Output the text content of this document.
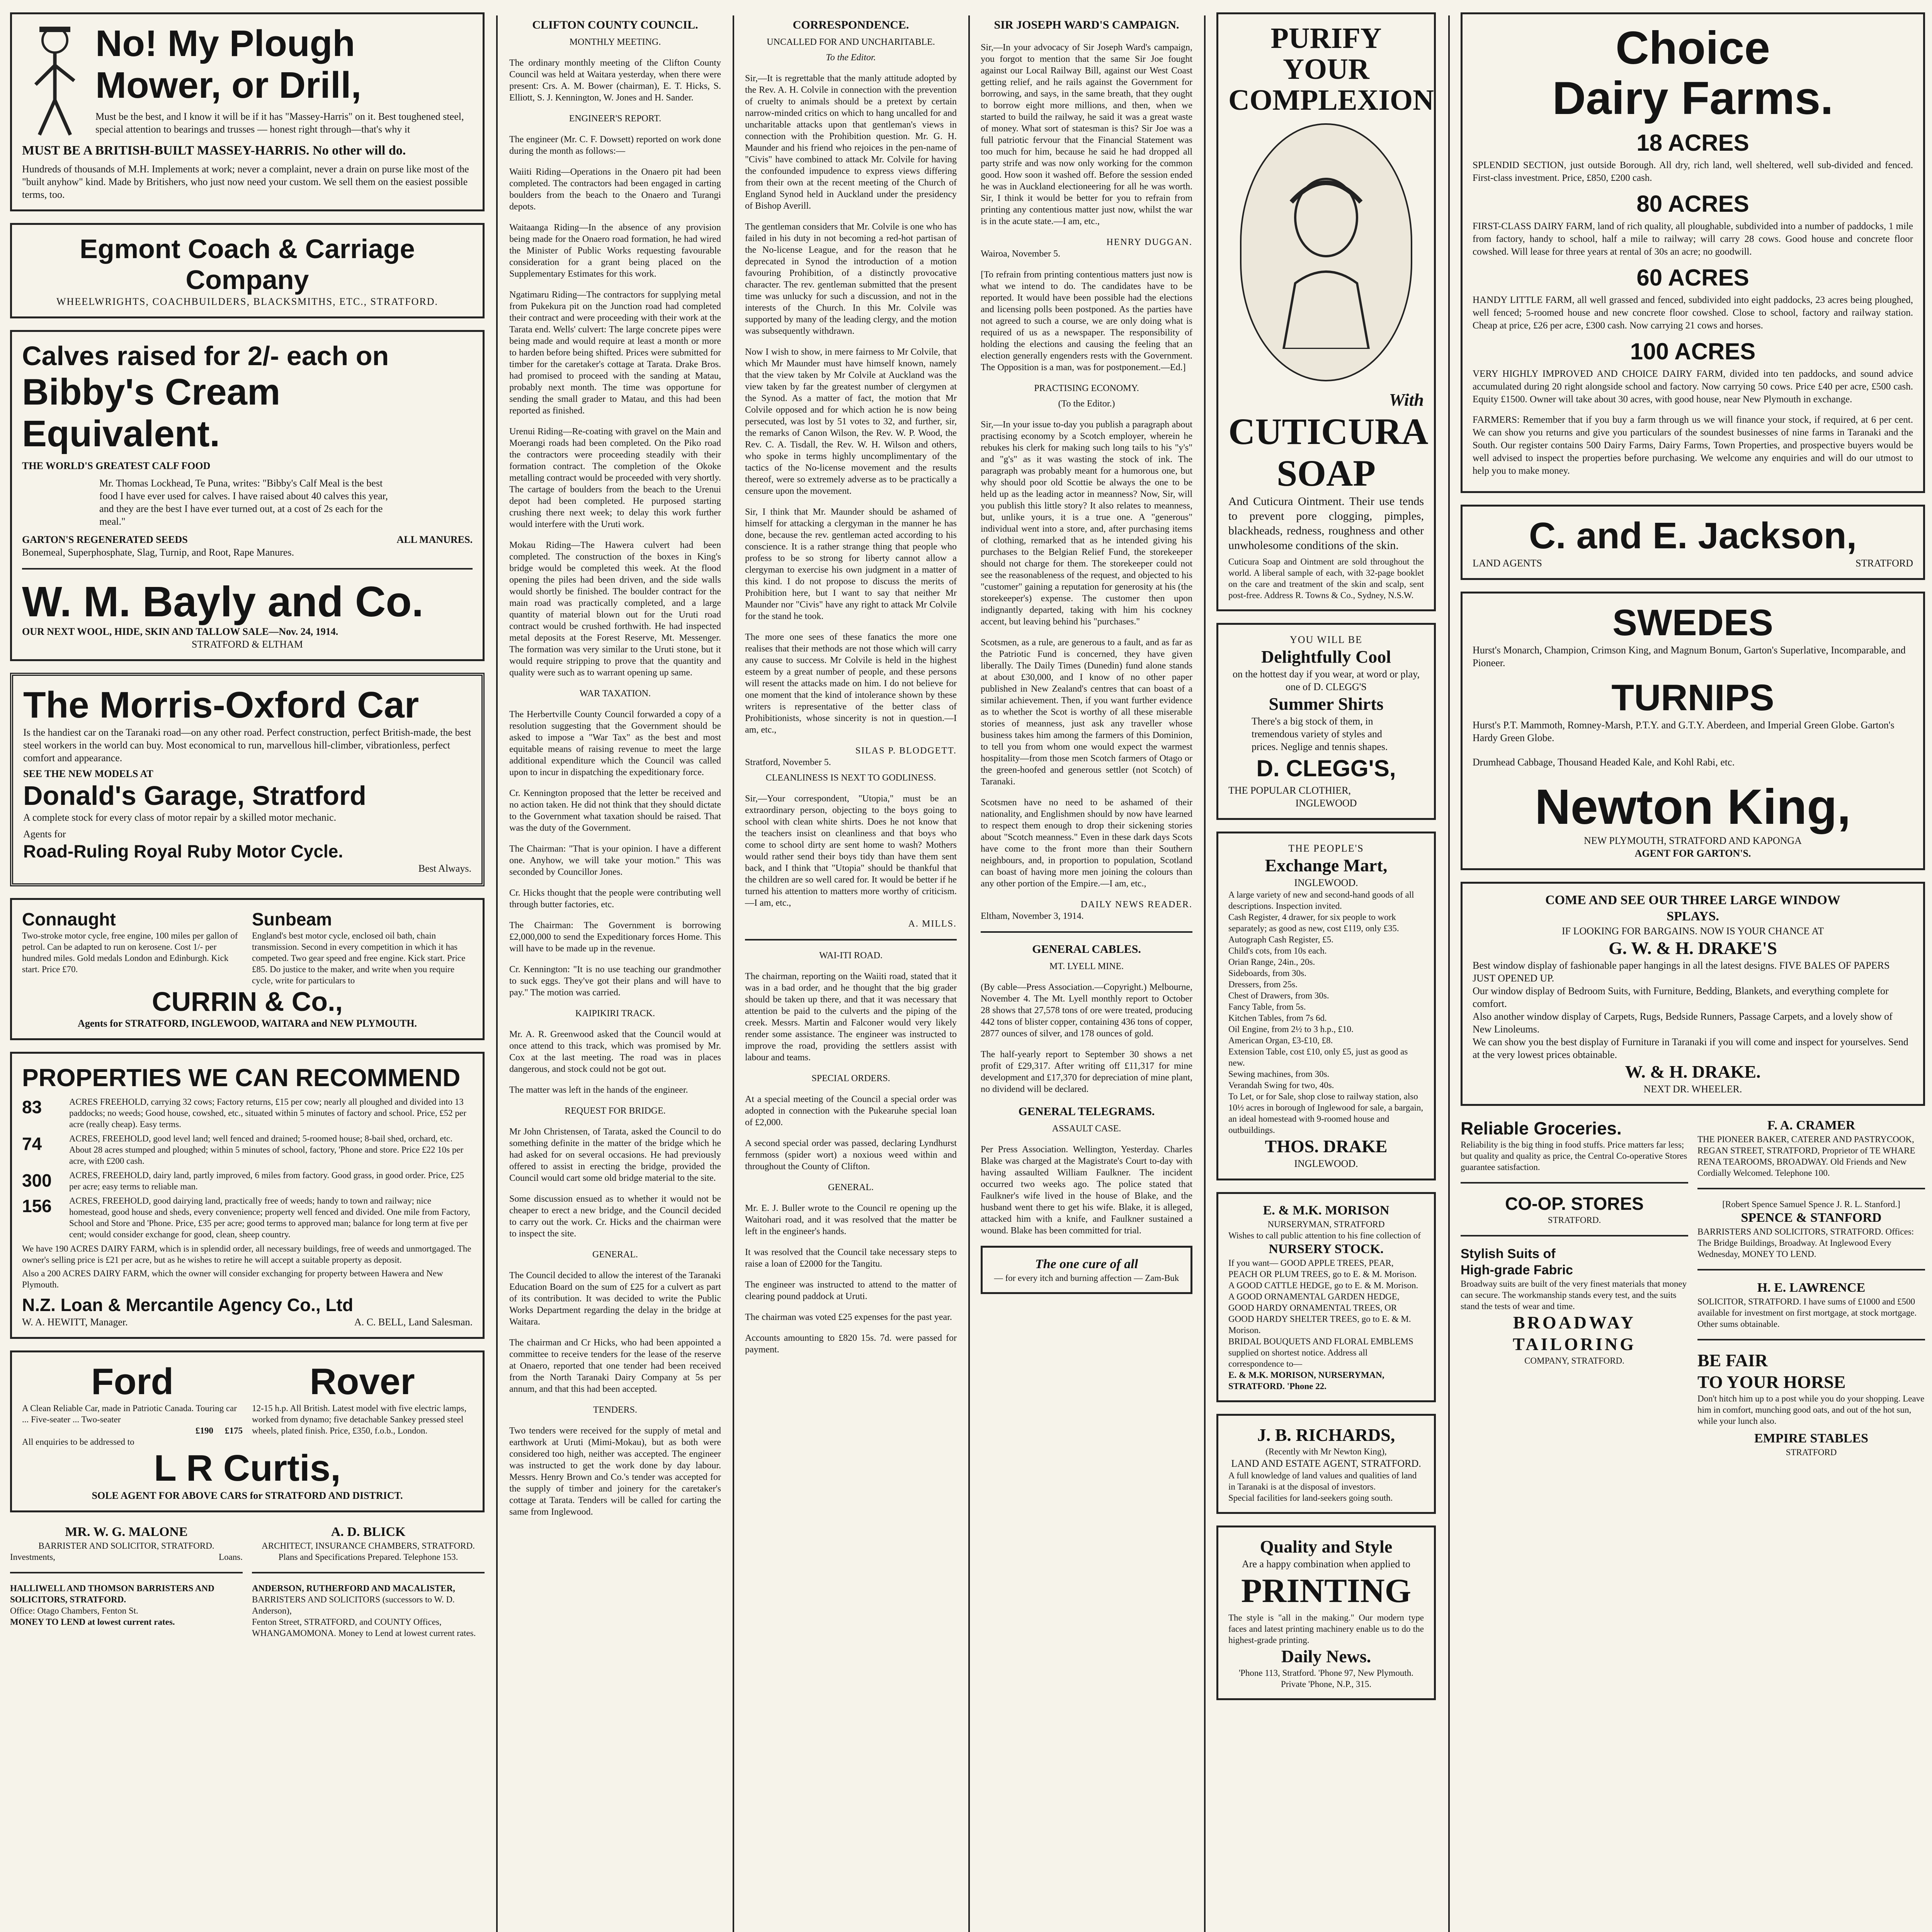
No! My Plough Mower, or Drill,
Must be the best, and I know it will be if it has "Massey-Harris" on it. Best toughened steel, special attention to bearings and trusses — honest right through—that's why it
MUST BE A BRITISH-BUILT MASSEY-HARRIS. No other will do.
Hundreds of thousands of M.H. Implements at work; never a complaint, never a drain on purse like most of the "built anyhow" kind. Made by Britishers, who just now need your custom. We sell them on the easiest possible terms, too.
Egmont Coach & Carriage Company
WHEELWRIGHTS, COACHBUILDERS, BLACKSMITHS, ETC., STRATFORD.
Calves raised for 2/- each on
Bibby's Cream Equivalent.
THE WORLD'S GREATEST CALF FOOD
Mr. Thomas Lockhead, Te Puna, writes: "Bibby's Calf Meal is the best food I have ever used for calves. I have raised about 40 calves this year, and they are the best I have ever turned out, at a cost of 2s each for the meal."
GARTON'S REGENERATED SEEDS	ALL MANURES.
Bonemeal, Superphosphate, Slag, Turnip, and Root, Rape Manures.
W. M. Bayly and Co.
OUR NEXT WOOL, HIDE, SKIN AND TALLOW SALE—Nov. 24, 1914.
STRATFORD & ELTHAM
The Morris-Oxford Car
Is the handiest car on the Taranaki road—on any other road. Perfect construction, perfect British-made, the best steel workers in the world can buy. Most economical to run, marvellous hill-climber, vibrationless, perfect comfort and appearance.
SEE THE NEW MODELS AT
Donald's Garage, Stratford
A complete stock for every class of motor repair by a skilled motor mechanic.
Agents for
Road-Ruling Royal Ruby Motor Cycle.
Best Always.
Connaught
Two-stroke motor cycle, free engine, 100 miles per gallon of petrol. Can be adapted to run on kerosene. Cost 1/- per hundred miles. Gold medals London and Edinburgh. Kick start. Price £70.
Sunbeam
England's best motor cycle, enclosed oil bath, chain transmission. Second in every competition in which it has competed. Two gear speed and free engine. Kick start. Price £85. Do justice to the maker, and write when you require cycle, write for particulars to
CURRIN & Co.,
Agents for STRATFORD, INGLEWOOD, WAITARA and NEW PLYMOUTH.
PROPERTIES WE CAN RECOMMEND
83	ACRES FREEHOLD, carrying 32 cows; Factory returns, £15 per cow; nearly all ploughed and divided into 13 paddocks; no weeds; Good house, cowshed, etc., situated within 5 minutes of factory and school. Price, £52 per acre (really cheap). Easy terms.
74	ACRES, FREEHOLD, good level land; well fenced and drained; 5-roomed house; 8-bail shed, orchard, etc. About 28 acres stumped and ploughed; within 5 minutes of school, factory, 'Phone and store. Price £22 10s per acre, with £200 cash.
300	ACRES, FREEHOLD, dairy land, partly improved, 6 miles from factory. Good grass, in good order. Price, £25 per acre; easy terms to reliable man.
156	ACRES, FREEHOLD, good dairying land, practically free of weeds; handy to town and railway; nice homestead, good house and sheds, every convenience; property well fenced and divided. One mile from Factory, School and Store and 'Phone. Price, £35 per acre; good terms to approved man; balance for long term at five per cent; would consider exchange for good, clean, sheep country.
We have 190 ACRES DAIRY FARM, which is in splendid order, all necessary buildings, free of weeds and unmortgaged. The owner's selling price is £21 per acre, but as he wishes to retire he will accept a suitable property as deposit.
Also a 200 ACRES DAIRY FARM, which the owner will consider exchanging for property between Hawera and New Plymouth.
N.Z. Loan & Mercantile Agency Co., Ltd
W. A. HEWITT, Manager.	A. C. BELL, Land Salesman.
Ford
A Clean Reliable Car, made in Patriotic Canada. Touring car ... Five-seater ... Two-seater
£190 £175
All enquiries to be addressed to
Rover
12-15 h.p. All British. Latest model with five electric lamps, worked from dynamo; five detachable Sankey pressed steel wheels, plated finish. Price, £350, f.o.b., London.
L R Curtis,
SOLE AGENT FOR ABOVE CARS for STRATFORD AND DISTRICT.
MR. W. G. MALONE
BARRISTER AND SOLICITOR, STRATFORD.
Investments,	Loans.
HALLIWELL AND THOMSON BARRISTERS AND SOLICITORS, STRATFORD.
Office: Otago Chambers, Fenton St.
MONEY TO LEND at lowest current rates.
A. D. BLICK
ARCHITECT, INSURANCE CHAMBERS, STRATFORD.
Plans and Specifications Prepared. Telephone 153.
ANDERSON, RUTHERFORD AND MACALISTER,
BARRISTERS AND SOLICITORS (successors to W. D. Anderson),
Fenton Street, STRATFORD, and COUNTY Offices, WHANGAMOMONA. Money to Lend at lowest current rates.
CLIFTON COUNTY COUNCIL.
MONTHLY MEETING.

The ordinary monthly meeting of the Clifton County Council was held at Waitara yesterday, when there were present: Crs. A. M. Bower (chairman), E. T. Hicks, S. Elliott, S. J. Kennington, W. Jones and H. Sander.

ENGINEER'S REPORT.

The engineer (Mr. C. F. Dowsett) reported on work done during the month as follows:—

Waiiti Riding—Operations in the Onaero pit had been completed. The contractors had been engaged in carting boulders from the beach to the Onaero and Turangi depots.

Waitaanga Riding—In the absence of any provision being made for the Onaero road formation, he had wired the Minister of Public Works requesting favourable consideration for a grant being placed on the Supplementary Estimates for this work.

Ngatimaru Riding—The contractors for supplying metal from Pukekura pit on the Junction road had completed their contract and were proceeding with their work at the Tarata end. Wells' culvert: The large concrete pipes were being made and would require at least a month or more to harden before being shifted. Prices were submitted for timber for the caretaker's cottage at Tarata. Drake Bros. had promised to proceed with the sanding at Matau, probably next month. The time was opportune for sending the small grader to Matau, and this had been reported as finished.

Urenui Riding—Re-coating with gravel on the Main and Moerangi roads had been completed. On the Piko road the contractors were proceeding steadily with their formation contract. The completion of the Okoke metalling contract would be proceeded with very shortly. The cartage of boulders from the beach to the Urenui depot had been completed. He purposed starting crushing there next week; to delay this work further would interfere with the Uruti work.

Mokau Riding—The Hawera culvert had been completed. The construction of the boxes in King's bridge would be completed this week. At the flood opening the piles had been driven, and the side walls would shortly be finished. The boulder contract for the main road was practically completed, and a large quantity of material blown out for the Uruti road contract would be crushed forthwith. He had inspected metal deposits at the Forest Reserve, Mt. Messenger. The formation was very similar to the Uruti stone, but it would require stripping to prove that the quantity and quality were such as to warrant opening up same.

WAR TAXATION.

The Herbertville County Council forwarded a copy of a resolution suggesting that the Government should be asked to impose a "War Tax" as the best and most equitable means of raising revenue to meet the large additional expenditure which the Council was called upon to incur in dispatching the expeditionary force.

Cr. Kennington proposed that the letter be received and no action taken. He did not think that they should dictate to the Government what taxation should be raised. That was the duty of the Government.

The Chairman: "That is your opinion. I have a different one. Anyhow, we will take your motion." This was seconded by Councillor Jones.

Cr. Hicks thought that the people were contributing well through butter factories, etc.

The Chairman: The Government is borrowing £2,000,000 to send the Expeditionary forces Home. This will have to be made up in the revenue.

Cr. Kennington: "It is no use teaching our grandmother to suck eggs. They've got their plans and will have to pay." The motion was carried.

KAIPIKIRI TRACK.

Mr. A. R. Greenwood asked that the Council would at once attend to this track, which was promised by Mr. Cox at the last meeting. The road was in places dangerous, and stock could not be got out.

The matter was left in the hands of the engineer.

REQUEST FOR BRIDGE.

Mr John Christensen, of Tarata, asked the Council to do something definite in the matter of the bridge which he had asked for on several occasions. He had previously offered to assist in erecting the bridge, provided the Council would cart some old bridge material to the site.

Some discussion ensued as to whether it would not be cheaper to erect a new bridge, and the Council decided to carry out the work. Cr. Hicks and the chairman were to inspect the site.

GENERAL.

The Council decided to allow the interest of the Taranaki Education Board on the sum of £25 for a culvert as part of its contribution. It was decided to write the Public Works Department regarding the delay in the bridge at Waitara.

The chairman and Cr Hicks, who had been appointed a committee to receive tenders for the lease of the reserve at Onaero, reported that one tender had been received from the North Taranaki Dairy Company at 5s per annum, and that this had been accepted.

TENDERS.

Two tenders were received for the supply of metal and earthwork at Uruti (Mimi-Mokau), but as both were considered too high, neither was accepted. The engineer was instructed to get the work done by day labour. Messrs. Henry Brown and Co.'s tender was accepted for the supply of timber and joinery for the caretaker's cottage at Tarata. Tenders will be called for carting the same from Inglewood.

CORRESPONDENCE.
UNCALLED FOR AND UNCHARITABLE.
To the Editor.

Sir,—It is regrettable that the manly attitude adopted by the Rev. A. H. Colvile in connection with the prevention of cruelty to animals should be a pretext by certain narrow-minded critics on which to hang uncalled for and uncharitable attacks upon that gentleman's views in connection with the Prohibition question. Mr. G. H. Maunder and his friend who rejoices in the pen-name of "Civis" have combined to attack Mr. Colvile for having the confounded impudence to express views differing from their own at the recent meeting of the Church of England Synod held in Auckland under the presidency of Bishop Averill.

The gentleman considers that Mr. Colvile is one who has failed in his duty in not becoming a red-hot partisan of the No-license League, and for the reason that he deprecated in Synod the introduction of a motion favouring Prohibition, of a distinctly provocative character. The rev. gentleman submitted that the present time was unlucky for such a discussion, and not in the interests of the Church. In this Mr. Colvile was supported by many of the leading clergy, and the motion was subsequently withdrawn.

Now I wish to show, in mere fairness to Mr Colvile, that which Mr Maunder must have himself known, namely that the view taken by Mr Colvile at Auckland was the view taken by far the greatest number of clergymen at the Synod. As a matter of fact, the motion that Mr Colvile opposed and for which action he is now being persecuted, was lost by 51 votes to 32, and further, sir, the remarks of Canon Wilson, the Rev. W. P. Wood, the Rev. C. A. Tisdall, the Rev. W. H. Wilson and others, who spoke in terms highly uncomplimentary of the tactics of the No-license movement and the results thereof, were so extremely adverse as to be practically a censure upon the movement.

Sir, I think that Mr. Maunder should be ashamed of himself for attacking a clergyman in the manner he has done, because the rev. gentleman acted according to his conscience. It is a rather strange thing that people who profess to be so strong for liberty cannot allow a clergyman to exercise his own judgment in a matter of this kind. I do not propose to discuss the merits of Prohibition here, but I want to say that neither Mr Maunder nor "Civis" have any right to attack Mr Colvile for the stand he took.

The more one sees of these fanatics the more one realises that their methods are not those which will carry any cause to success. Mr Colvile is held in the highest esteem by a great number of people, and these persons will resent the attacks made on him. I do not believe for one moment that the kind of intolerance shown by these writers is representative of the better class of Prohibitionists, whose sincerity is not in question.—I am, etc.,

SILAS P. BLODGETT.
Stratford, November 5.
CLEANLINESS IS NEXT TO GODLINESS.

Sir,—Your correspondent, "Utopia," must be an extraordinary person, objecting to the boys going to school with clean white shirts. Does he not know that the teachers insist on cleanliness and that boys who come to school dirty are sent home to wash? Mothers would rather send their boys tidy than have them sent back, and I think that "Utopia" should be thankful that the children are so well cared for. It would be better if he turned his attention to matters more worthy of criticism.—I am, etc.,

A. MILLS.
WAI-ITI ROAD.

The chairman, reporting on the Waiiti road, stated that it was in a bad order, and he thought that the big grader should be taken up there, and that it was necessary that attention be paid to the culverts and the piping of the creek. Messrs. Martin and Falconer would very likely render some assistance. The engineer was instructed to improve the road, providing the settlers assist with labour and teams.

SPECIAL ORDERS.

At a special meeting of the Council a special order was adopted in connection with the Pukearuhe special loan of £2,000.

A second special order was passed, declaring Lyndhurst fernmoss (spider wort) a noxious weed within and throughout the County of Clifton.

GENERAL.

Mr. E. J. Buller wrote to the Council re opening up the Waitohari road, and it was resolved that the matter be left in the engineer's hands.

It was resolved that the Council take necessary steps to raise a loan of £2000 for the Tangitu.

The engineer was instructed to attend to the matter of clearing pound paddock at Uruti.

The chairman was voted £25 expenses for the past year.

Accounts amounting to £820 15s. 7d. were passed for payment.

SIR JOSEPH WARD'S CAMPAIGN.

Sir,—In your advocacy of Sir Joseph Ward's campaign, you forgot to mention that the same Sir Joe fought against our Local Railway Bill, against our West Coast getting relief, and he rails against the Government for borrowing, and says, in the same breath, that they ought to borrow eight more millions, and then, when we started to build the railway, he said it was a great waste of money. What sort of statesman is this? Sir Joe was a full patriotic fervour that the Financial Statement was too much for him, because he said he had dropped all party strife and was now only working for the common good. How soon it washed off. Before the session ended he was in Auckland electioneering for all he was worth. Sir, I think it would be better for you to refrain from printing any contentious matter just now, whilst the war is in the acute state.—I am, etc.,

HENRY DUGGAN.
Wairoa, November 5.

[To refrain from printing contentious matters just now is what we intend to do. The candidates have to be reported. It would have been possible had the elections and licensing polls been postponed. As the parties have not agreed to such a course, we are only doing what is required of us as a newspaper. The responsibility of holding the elections and causing the feeling that an election generally engenders rests with the Government. The Opposition is a man, was for postponement.—Ed.]

PRACTISING ECONOMY.
(To the Editor.)

Sir,—In your issue to-day you publish a paragraph about practising economy by a Scotch employer, wherein he rebukes his clerk for making such long tails to his "y's" and "g's" as it was wasting the stock of ink. The paragraph was probably meant for a humorous one, but why should poor old Scottie be always the one to be held up as the leading actor in meanness? Now, Sir, will you publish this little story? It also relates to meanness, but, unlike yours, it is a true one. A "generous" individual went into a store, and, after purchasing items of clothing, remarked that as he intended giving his purchases to the Belgian Relief Fund, the storekeeper should not charge for them. The storekeeper could not see the reasonableness of the request, and objected to his "customer" gaining a reputation for generosity at his (the storekeeper's) expense. The customer then upon indignantly departed, taking with him his cockney accent, but leaving behind his "purchases."

Scotsmen, as a rule, are generous to a fault, and as far as the Patriotic Fund is concerned, they have given liberally. The Daily Times (Dunedin) fund alone stands at about £30,000, and I know of no other paper published in New Zealand's centres that can boast of a similar achievement. Then, if you want further evidence as to whether the Scot is worthy of all these miserable stories of meanness, just ask any traveller whose business takes him among the farmers of this Dominion, to tell you from whom one would expect the warmest hospitality—from those men Scotch farmers of Otago or the green-hoofed and generous settler (not Scotch) of Taranaki.

Scotsmen have no need to be ashamed of their nationality, and Englishmen should by now have learned to respect them enough to drop their sickening stories about "Scotch meanness." Even in these dark days Scots have come to the front more than their Southern neighbours, and, in proportion to population, Scotland can boast of having more men joining the colours than any other portion of the Empire.—I am, etc.,

DAILY NEWS READER.
Eltham, November 3, 1914.
GENERAL CABLES.
MT. LYELL MINE.

(By cable—Press Association.—Copyright.) Melbourne, November 4. The Mt. Lyell monthly report to October 28 shows that 27,578 tons of ore were treated, producing 442 tons of blister copper, containing 436 tons of copper, 2877 ounces of silver, and 178 ounces of gold.

The half-yearly report to September 30 shows a net profit of £29,317. After writing off £11,317 for mine development and £17,370 for depreciation of mine plant, no dividend will be declared.

GENERAL TELEGRAMS.
ASSAULT CASE.

Per Press Association. Wellington, Yesterday. Charles Blake was charged at the Magistrate's Court to-day with having assaulted William Faulkner. The incident occurred two weeks ago. The police stated that Faulkner's wife lived in the house of Blake, and the husband went there to get his wife. Blake, it is alleged, attacked him with a knife, and Faulkner sustained a wound. Blake has been committed for trial.

The one cure of all
— for every itch and burning affection — Zam-Buk
PURIFY YOUR
COMPLEXION
With
CUTICURA
SOAP
And Cuticura Ointment. Their use tends to prevent pore clogging, pimples, blackheads, redness, roughness and other unwholesome conditions of the skin.
Cuticura Soap and Ointment are sold throughout the world. A liberal sample of each, with 32-page booklet on the care and treatment of the skin and scalp, sent post-free. Address R. Towns & Co., Sydney, N.S.W.
YOU WILL BE
Delightfully Cool
on the hottest day if you wear, at word or play, one of D. CLEGG'S
Summer Shirts
There's a big stock of them, in tremendous variety of styles and prices. Neglige and tennis shapes.
D. CLEGG'S,
THE POPULAR CLOTHIER,
INGLEWOOD
THE PEOPLE'S
Exchange Mart,
INGLEWOOD.
A large variety of new and second-hand goods of all descriptions. Inspection invited.
Cash Register, 4 drawer, for six people to work separately; as good as new, cost £119, only £35.
Autograph Cash Register, £5.
Child's cots, from 10s each.
Orian Range, 24in., 20s.
Sideboards, from 30s.
Dressers, from 25s.
Chest of Drawers, from 30s.
Fancy Table, from 5s.
Kitchen Tables, from 7s 6d.
Oil Engine, from 2½ to 3 h.p., £10.
American Organ, £3-£10, £8.
Extension Table, cost £10, only £5, just as good as new.
Sewing machines, from 30s.
Verandah Swing for two, 40s.
To Let, or for Sale, shop close to railway station, also 10½ acres in borough of Inglewood for sale, a bargain, an ideal homestead with 9-roomed house and outbuildings.
THOS. DRAKE
INGLEWOOD.
E. & M.K. MORISON
NURSERYMAN, STRATFORD
Wishes to call public attention to his fine collection of
NURSERY STOCK.
If you want— GOOD APPLE TREES, PEAR, PEACH OR PLUM TREES, go to E. & M. Morison. A GOOD CATTLE HEDGE, go to E. & M. Morison. A GOOD ORNAMENTAL GARDEN HEDGE, GOOD HARDY ORNAMENTAL TREES, OR GOOD HARDY SHELTER TREES, go to E. & M. Morison.
BRIDAL BOUQUETS AND FLORAL EMBLEMS supplied on shortest notice. Address all correspondence to—
E. & M.K. MORISON, NURSERYMAN, STRATFORD. 'Phone 22.
J. B. RICHARDS,
(Recently with Mr Newton King),
LAND AND ESTATE AGENT, STRATFORD.
A full knowledge of land values and qualities of land in Taranaki is at the disposal of investors.
Special facilities for land-seekers going south.
Quality and Style
Are a happy combination when applied to
PRINTING
The style is "all in the making." Our modern type faces and latest printing machinery enable us to do the highest-grade printing.
Daily News.
'Phone 113, Stratford. 'Phone 97, New Plymouth. Private 'Phone, N.P., 315.
Choice
Dairy Farms.
18 ACRES
SPLENDID SECTION, just outside Borough. All dry, rich land, well sheltered, well sub-divided and fenced. First-class investment. Price, £850, £200 cash.
80 ACRES
FIRST-CLASS DAIRY FARM, land of rich quality, all ploughable, subdivided into a number of paddocks, 1 mile from factory, handy to school, half a mile to railway; will carry 28 cows. Good house and concrete floor cowshed. Will lease for three years at rental of 30s an acre; no goodwill.
60 ACRES
HANDY LITTLE FARM, all well grassed and fenced, subdivided into eight paddocks, 23 acres being ploughed, well fenced; 5-roomed house and new concrete floor cowshed. Close to school, factory and railway station. Cheap at price, £26 per acre, £300 cash. Now carrying 21 cows and horses.
100 ACRES
VERY HIGHLY IMPROVED AND CHOICE DAIRY FARM, divided into ten paddocks, and sound advice accumulated during 20 right alongside school and factory. Now carrying 50 cows. Price £40 per acre, £500 cash. Equity £1500. Owner will take about 30 acres, with good house, near New Plymouth in exchange.
FARMERS: Remember that if you buy a farm through us we will finance your stock, if required, at 6 per cent. We can show you returns and give you particulars of the soundest businesses of nine farms in Taranaki and the South. Our register contains 500 Dairy Farms, Dairy Farms, Town Properties, and prospective buyers would be well advised to inspect the properties before purchasing. We welcome any enquiries and will do our utmost to help you to make money.
C. and E. Jackson,
LAND AGENTS	STRATFORD
SWEDES
Hurst's Monarch, Champion, Crimson King, and Magnum Bonum, Garton's Superlative, Incomparable, and Pioneer.
TURNIPS
Hurst's P.T. Mammoth, Romney-Marsh, P.T.Y. and G.T.Y. Aberdeen, and Imperial Green Globe. Garton's Hardy Green Globe.
Drumhead Cabbage, Thousand Headed Kale, and Kohl Rabi, etc.
Newton King,
NEW PLYMOUTH, STRATFORD AND KAPONGA
AGENT FOR GARTON'S.
COME AND SEE OUR THREE LARGE WINDOW
SPLAYS.
IF LOOKING FOR BARGAINS. NOW IS YOUR CHANCE AT
G. W. & H. DRAKE'S
Best window display of fashionable paper hangings in all the latest designs. FIVE BALES OF PAPERS JUST OPENED UP.
Our window display of Bedroom Suits, with Furniture, Bedding, Blankets, and everything complete for comfort.
Also another window display of Carpets, Rugs, Bedside Runners, Passage Carpets, and a lovely show of New Linoleums.
We can show you the best display of Furniture in Taranaki if you will come and inspect for yourselves. Send at the very lowest prices obtainable.
W. & H. DRAKE.
NEXT DR. WHEELER.
Reliable Groceries.
Reliability is the big thing in food stuffs. Price matters far less; but quality and quality as price, the Central Co-operative Stores guarantee satisfaction.
CO-OP. STORES
STRATFORD.
Stylish Suits of
High-grade Fabric
Broadway suits are built of the very finest materials that money can secure. The workmanship stands every test, and the suits stand the tests of wear and time.
BROADWAY
TAILORING
COMPANY, STRATFORD.
F. A. CRAMER
THE PIONEER BAKER, CATERER AND PASTRYCOOK, REGAN STREET, STRATFORD, Proprietor of TE WHARE RENA TEAROOMS, BROADWAY. Old Friends and New Cordially Welcomed. Telephone 100.
[Robert Spence Samuel Spence J. R. L. Stanford.]
SPENCE & STANFORD
BARRISTERS AND SOLICITORS, STRATFORD. Offices: The Bridge Buildings, Broadway. At Inglewood Every Wednesday, MONEY TO LEND.
H. E. LAWRENCE
SOLICITOR, STRATFORD. I have sums of £1000 and £500 available for investment on first mortgage, at stock mortgage. Other sums obtainable.
BE FAIR
TO YOUR HORSE
Don't hitch him up to a post while you do your shopping. Leave him in comfort, munching good oats, and out of the hot sun, while your lunch also.
EMPIRE STABLES
STRATFORD
